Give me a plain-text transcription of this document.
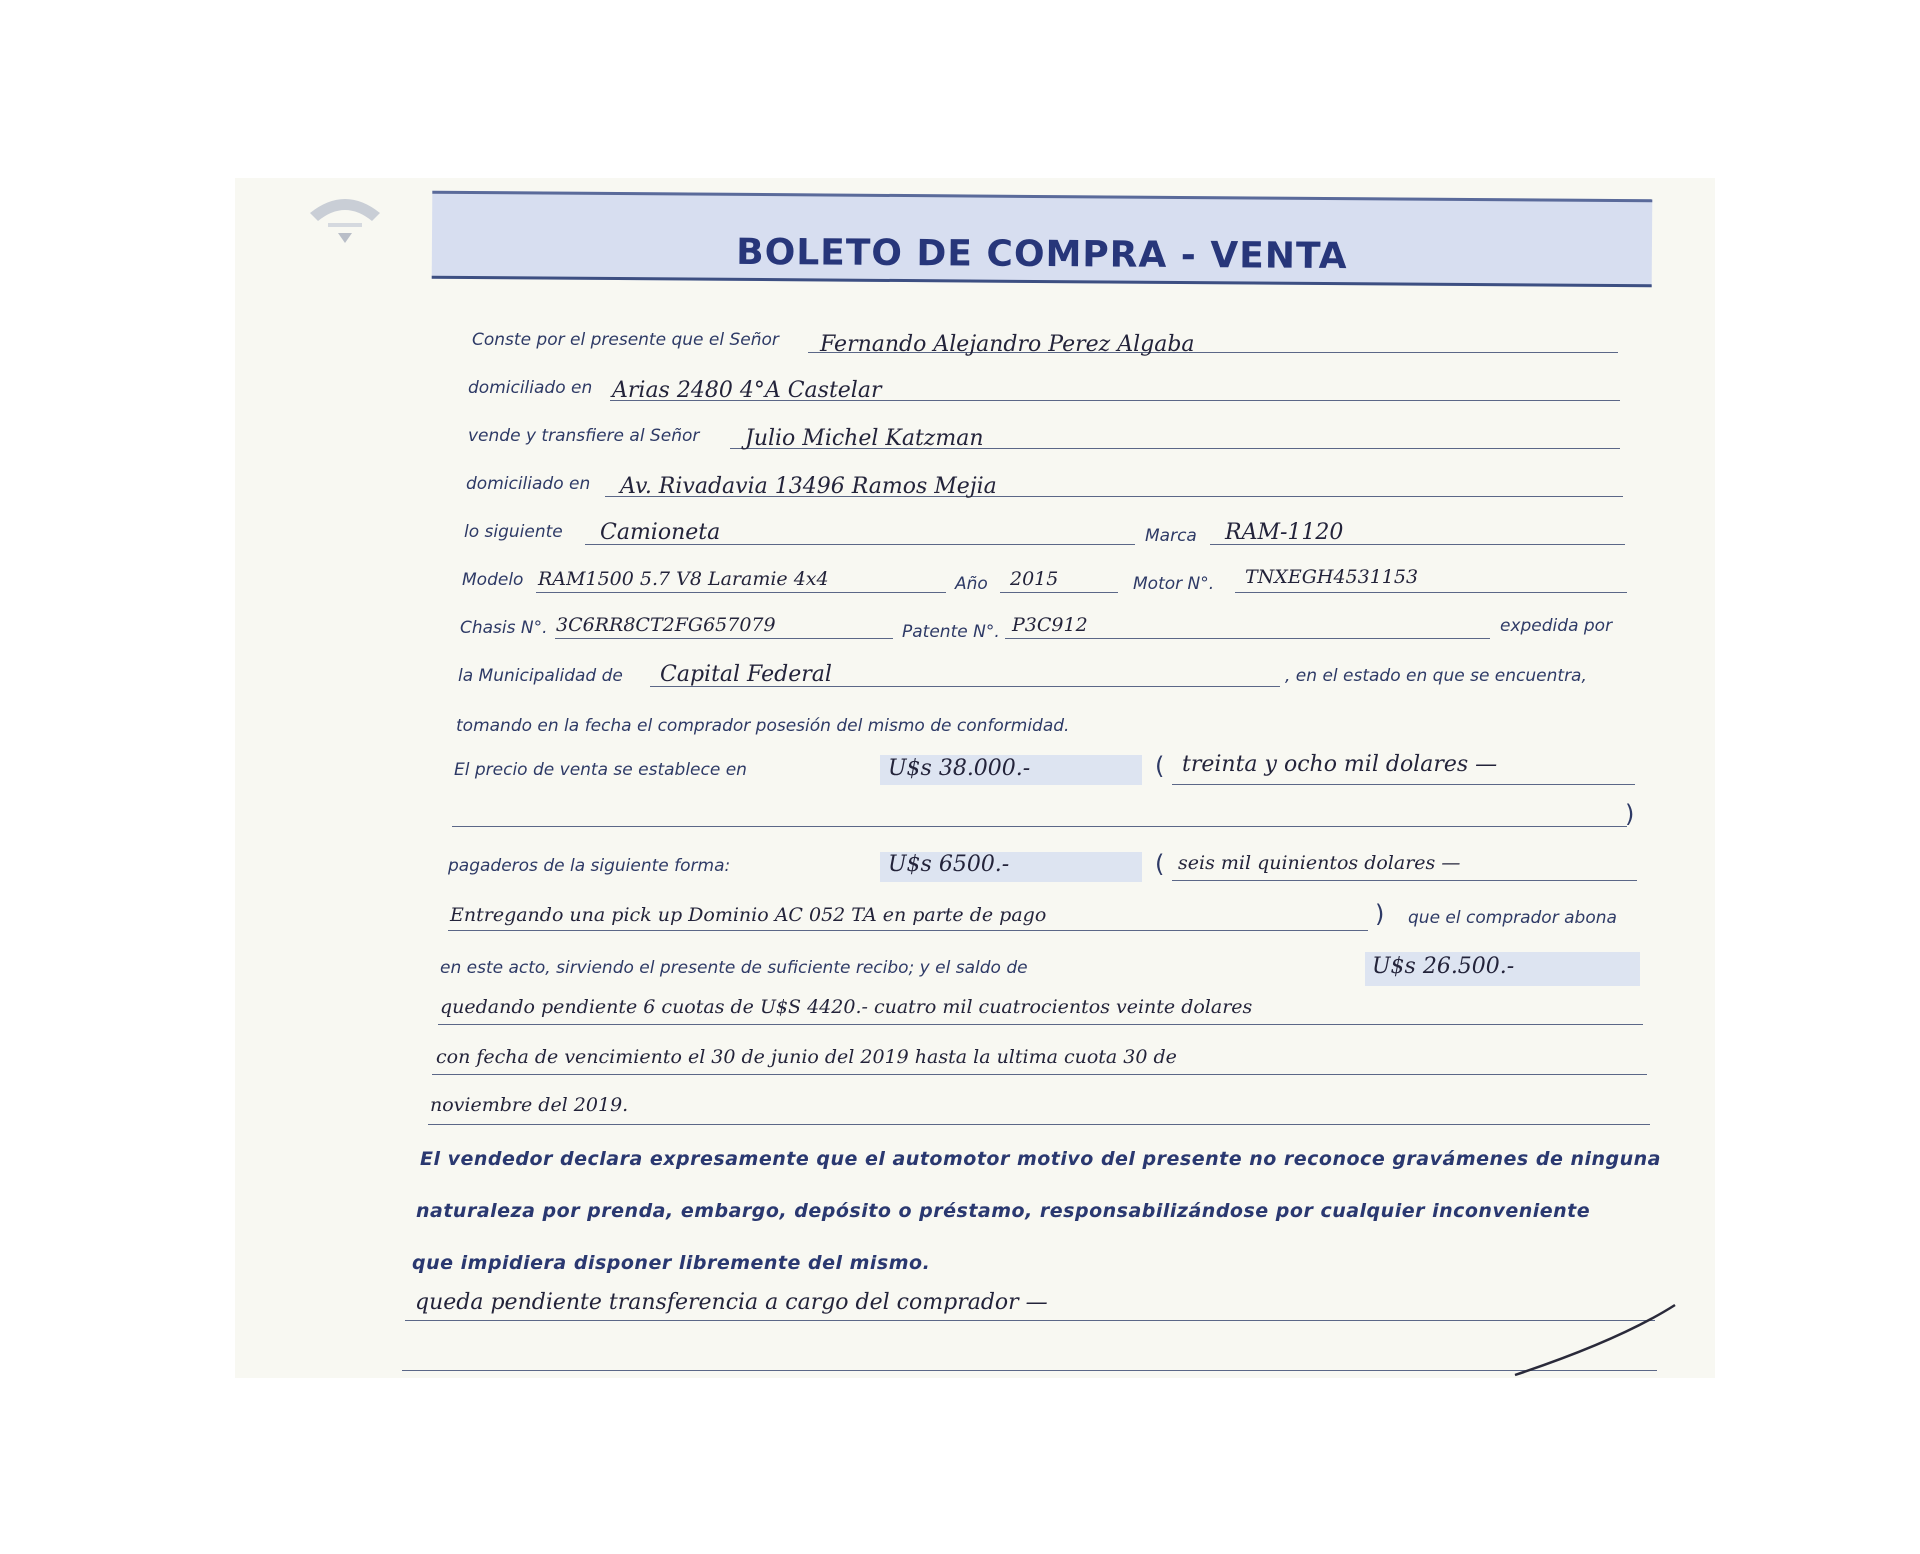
BOLETO DE COMPRA - VENTA
Conste por el presente que el Señor Fernando Alejandro Perez Algaba
domiciliado en Arias 2480 4°A Castelar
vende y transfiere al Señor Julio Michel Katzman
domiciliado en Av. Rivadavia 13496 Ramos Mejia
lo siguiente Camioneta	Marca RAM-1120
Modelo RAM1500 5.7 V8 Laramie 4x4	Año 2015	Motor N°. TNXEGH4531153
Chasis N°. 3C6RR8CT2FG657079	Patente N°. P3C912	expedida por
la Municipalidad de Capital Federal	, en el estado en que se encuentra,
tomando en la fecha el comprador posesión del mismo de conformidad.
El precio de venta se establece en	U$s 38.000.-	( treinta y ocho mil dolares —
)
pagaderos de la siguiente forma:	U$s 6500.-	( seis mil quinientos dolares —
Entregando una pick up Dominio AC 052 TA en parte de pago	) que el comprador abona
en este acto, sirviendo el presente de suficiente recibo; y el saldo de	U$s 26.500.-
quedando pendiente 6 cuotas de U$S 4420.- cuatro mil cuatrocientos veinte dolares
con fecha de vencimiento el 30 de junio del 2019 hasta la ultima cuota 30 de
noviembre del 2019.
El vendedor declara expresamente que el automotor motivo del presente no reconoce gravámenes de ninguna
naturaleza por prenda, embargo, depósito o préstamo, responsabilizándose por cualquier inconveniente
que impidiera disponer libremente del mismo.
queda pendiente transferencia a cargo del comprador —
